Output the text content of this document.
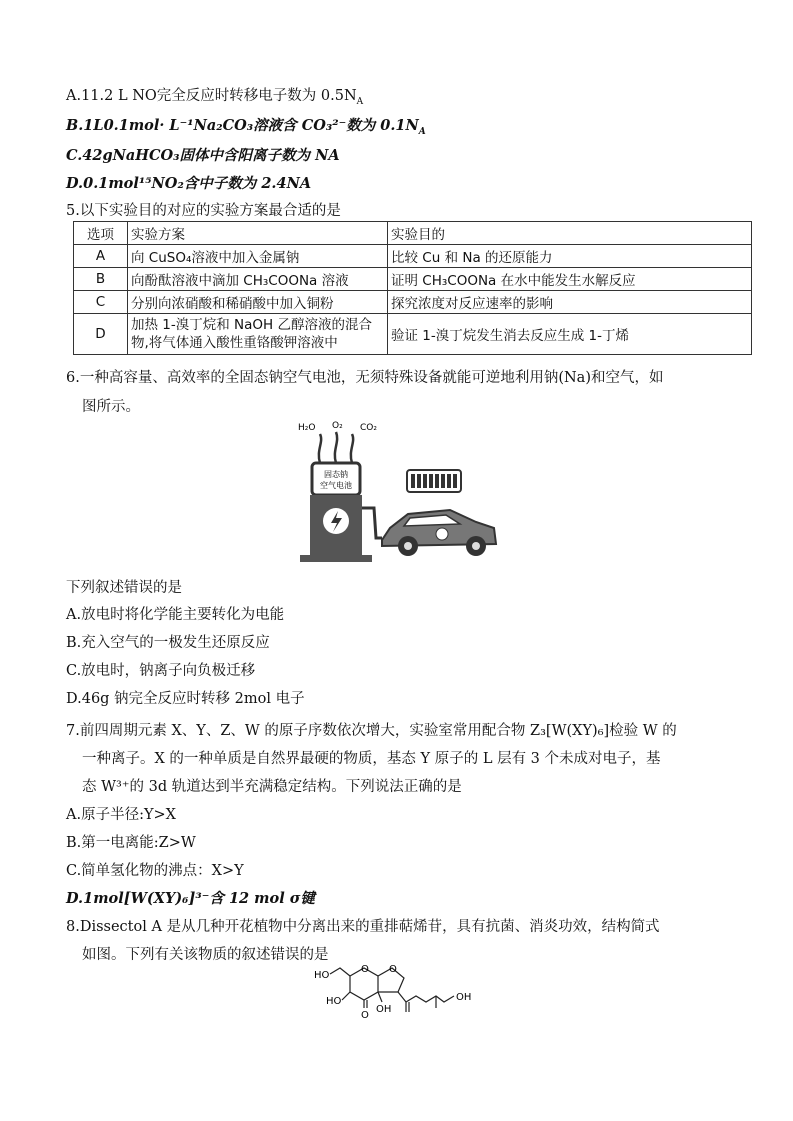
A.11.2 L NO完全反应时转移电子数为 $0.5N_A$
B.1L0.1mol· L⁻¹Na₂CO₃溶液含 CO₃²⁻数为 $0.1N_A$
C.42gNaHCO₃固体中含阳离子数为 NA
D.0.1mol¹⁵NO₂含中子数为 2.4NA
5.以下实验目的对应的实验方案最合适的是
选项	实验方案	实验目的
A	向 CuSO₄溶液中加入金属钠	比较 Cu 和 Na 的还原能力
B	向酚酞溶液中滴加 CH₃COONa 溶液	证明 CH₃COONa 在水中能发生水解反应
C	分别向浓硝酸和稀硝酸中加入铜粉	探究浓度对反应速率的影响
D	加热 1-溴丁烷和 NaOH 乙醇溶液的混合物,将气体通入酸性重铬酸钾溶液中	验证 1-溴丁烷发生消去反应生成 1-丁烯
6.一种高容量、高效率的全固态钠空气电池，无须特殊设备就能可逆地利用钠(Na)和空气，如
图所示。
H₂O O₂ CO₂
固态钠
空气电池
下列叙述错误的是
A.放电时将化学能主要转化为电能
B.充入空气的一极发生还原反应
C.放电时，钠离子向负极迁移
D.46g 钠完全反应时转移 2mol 电子
7.前四周期元素 X、Y、Z、W 的原子序数依次增大，实验室常用配合物 Z₃[W(XY)₆]检验 W 的
一种离子。X 的一种单质是自然界最硬的物质，基态 Y 原子的 L 层有 3 个未成对电子，基
态 W³⁺的 3d 轨道达到半充满稳定结构。下列说法正确的是
A.原子半径:Y>X
B.第一电离能:Z>W
C.简单氢化物的沸点：X>Y
D.1mol[W(XY)₆]³⁻含 12 mol σ键
8.Dissectol A 是从几种开花植物中分离出来的重排萜烯苷，具有抗菌、消炎功效，结构简式
如图。下列有关该物质的叙述错误的是
HO
HO
O O
O
OH
OH
